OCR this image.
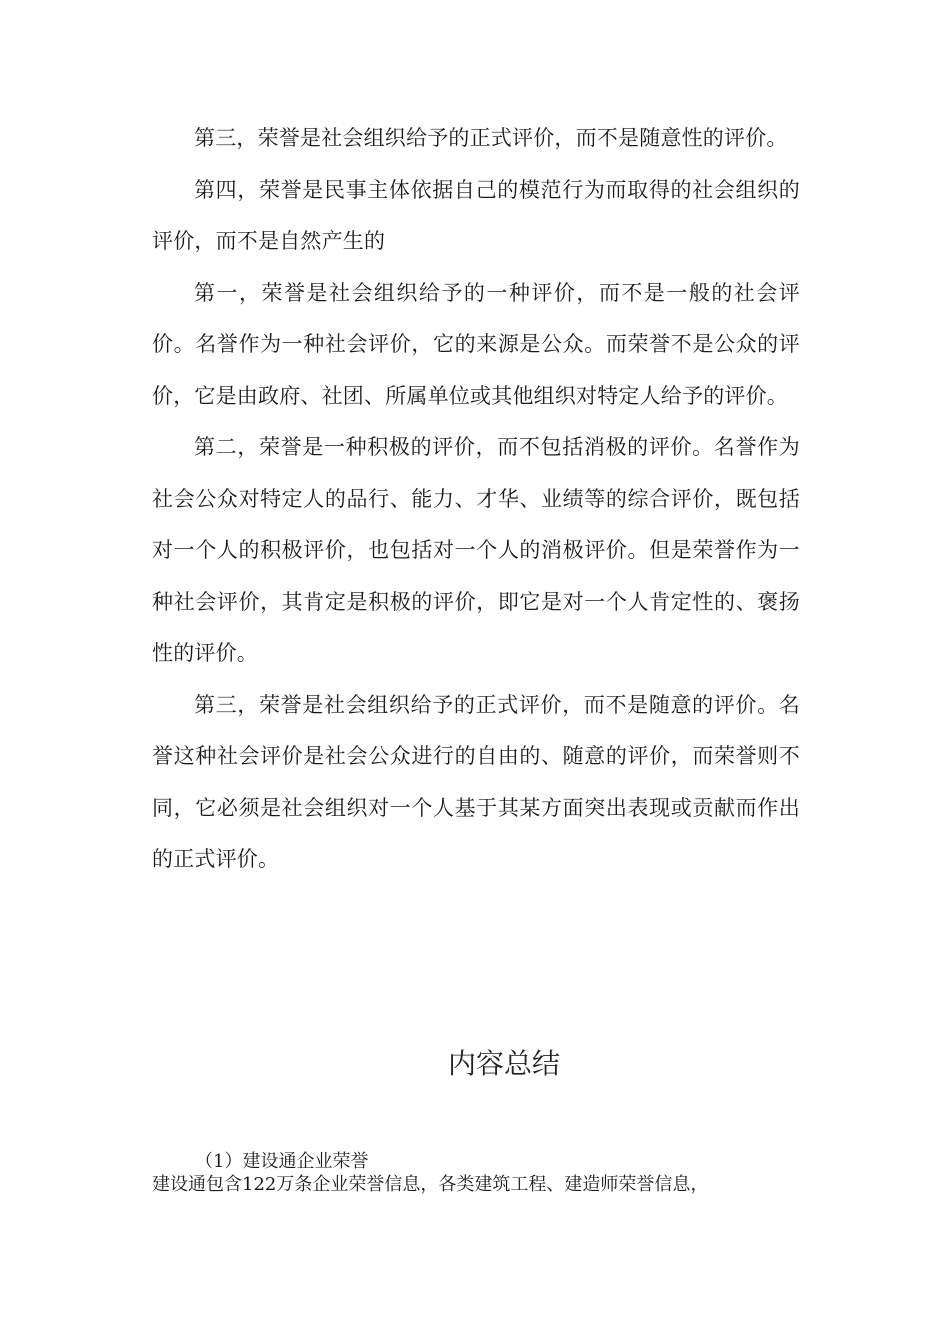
第三，荣誉是社会组织给予的正式评价，而不是随意性的评价。

第四，荣誉是民事主体依据自己的模范行为而取得的社会组织的评价，而不是自然产生的

第一，荣誉是社会组织给予的一种评价，而不是一般的社会评价。名誉作为一种社会评价，它的来源是公众。而荣誉不是公众的评价，它是由政府、社团、所属单位或其他组织对特定人给予的评价。

第二，荣誉是一种积极的评价，而不包括消极的评价。名誉作为社会公众对特定人的品行、能力、才华、业绩等的综合评价，既包括对一个人的积极评价，也包括对一个人的消极评价。但是荣誉作为一种社会评价，其肯定是积极的评价，即它是对一个人肯定性的、褒扬性的评价。

第三，荣誉是社会组织给予的正式评价，而不是随意的评价。名誉这种社会评价是社会公众进行的自由的、随意的评价，而荣誉则不同，它必须是社会组织对一个人基于其某方面突出表现或贡献而作出的正式评价。

内容总结
（1）建设通企业荣誉
建设通包含122万条企业荣誉信息，各类建筑工程、建造师荣誉信息，
